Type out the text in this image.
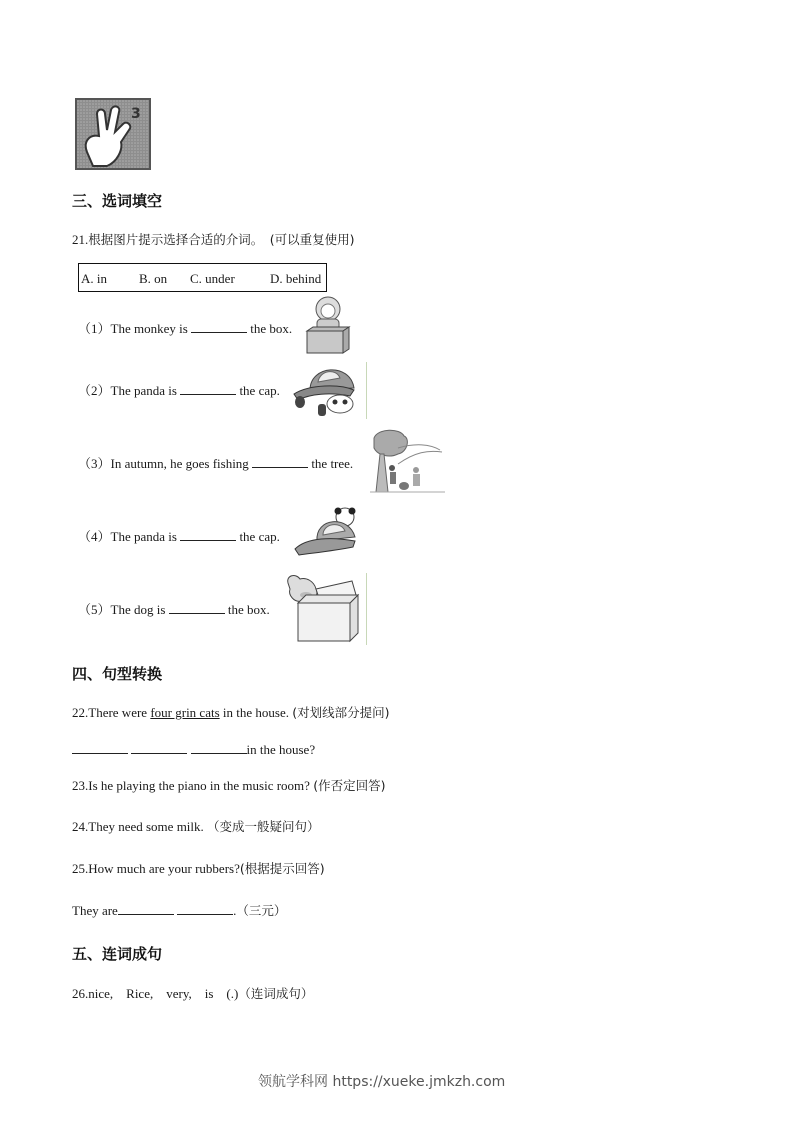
3
三、选词填空
21.根据图片提示选择合适的介词。 (可以重复使用)
A. in B. on C. under	D. behind
（1）The monkey is	the box.
（2）The panda is	the cap.
（3）In autumn, he goes fishing	the tree.
（4）The panda is	the cap.
（5）The dog is	the box.
四、句型转换
22.There were four grin cats in the house. (对划线部分提问)
in the house?
23.Is he playing the piano in the music room? (作否定回答)
24.They need some milk. （变成一般疑问句）
25.How much are your rubbers?(根据提示回答)
They are	.（三元）
五、连词成句
26.nice,    Rice,    very,    is    (.)（连词成句）
领航学科网 https://xueke.jmkzh.com
